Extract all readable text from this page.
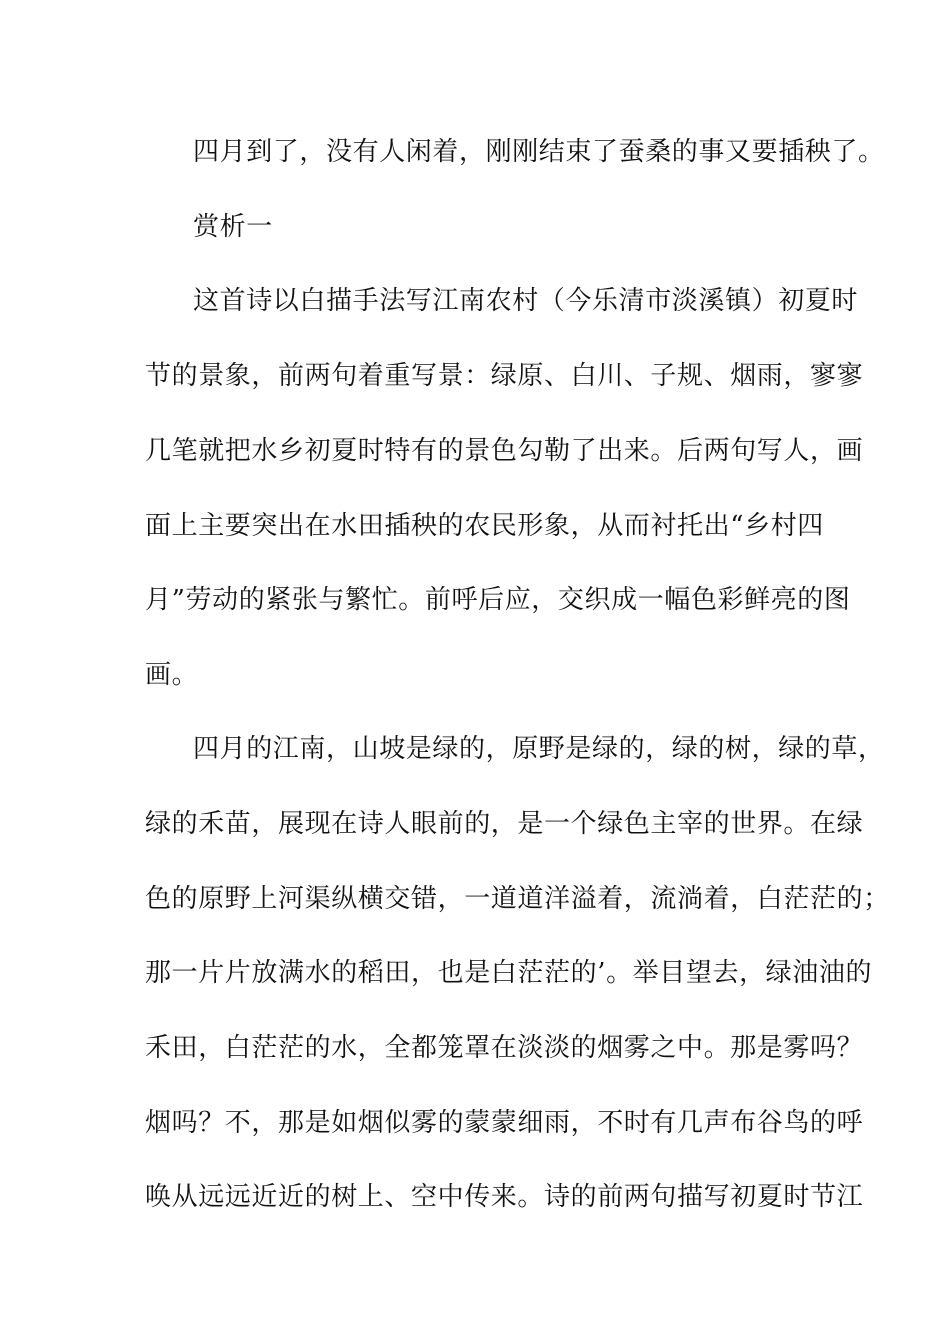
四月到了，没有人闲着，刚刚结束了蚕桑的事又要插秧了。
赏析一
这首诗以白描手法写江南农村（今乐清市淡溪镇）初夏时
节的景象，前两句着重写景：绿原、白川、子规、烟雨，寥寥
几笔就把水乡初夏时特有的景色勾勒了出来。后两句写人，画
面上主要突出在水田插秧的农民形象，从而衬托出“乡村四
月”劳动的紧张与繁忙。前呼后应，交织成一幅色彩鲜亮的图
画。
四月的江南，山坡是绿的，原野是绿的，绿的树，绿的草，
绿的禾苗，展现在诗人眼前的，是一个绿色主宰的世界。在绿
色的原野上河渠纵横交错，一道道洋溢着，流淌着，白茫茫的；
那一片片放满水的稻田，也是白茫茫的’。举目望去，绿油油的
禾田，白茫茫的水，全都笼罩在淡淡的烟雾之中。那是雾吗？
烟吗？不，那是如烟似雾的蒙蒙细雨，不时有几声布谷鸟的呼
唤从远远近近的树上、空中传来。诗的前两句描写初夏时节江
